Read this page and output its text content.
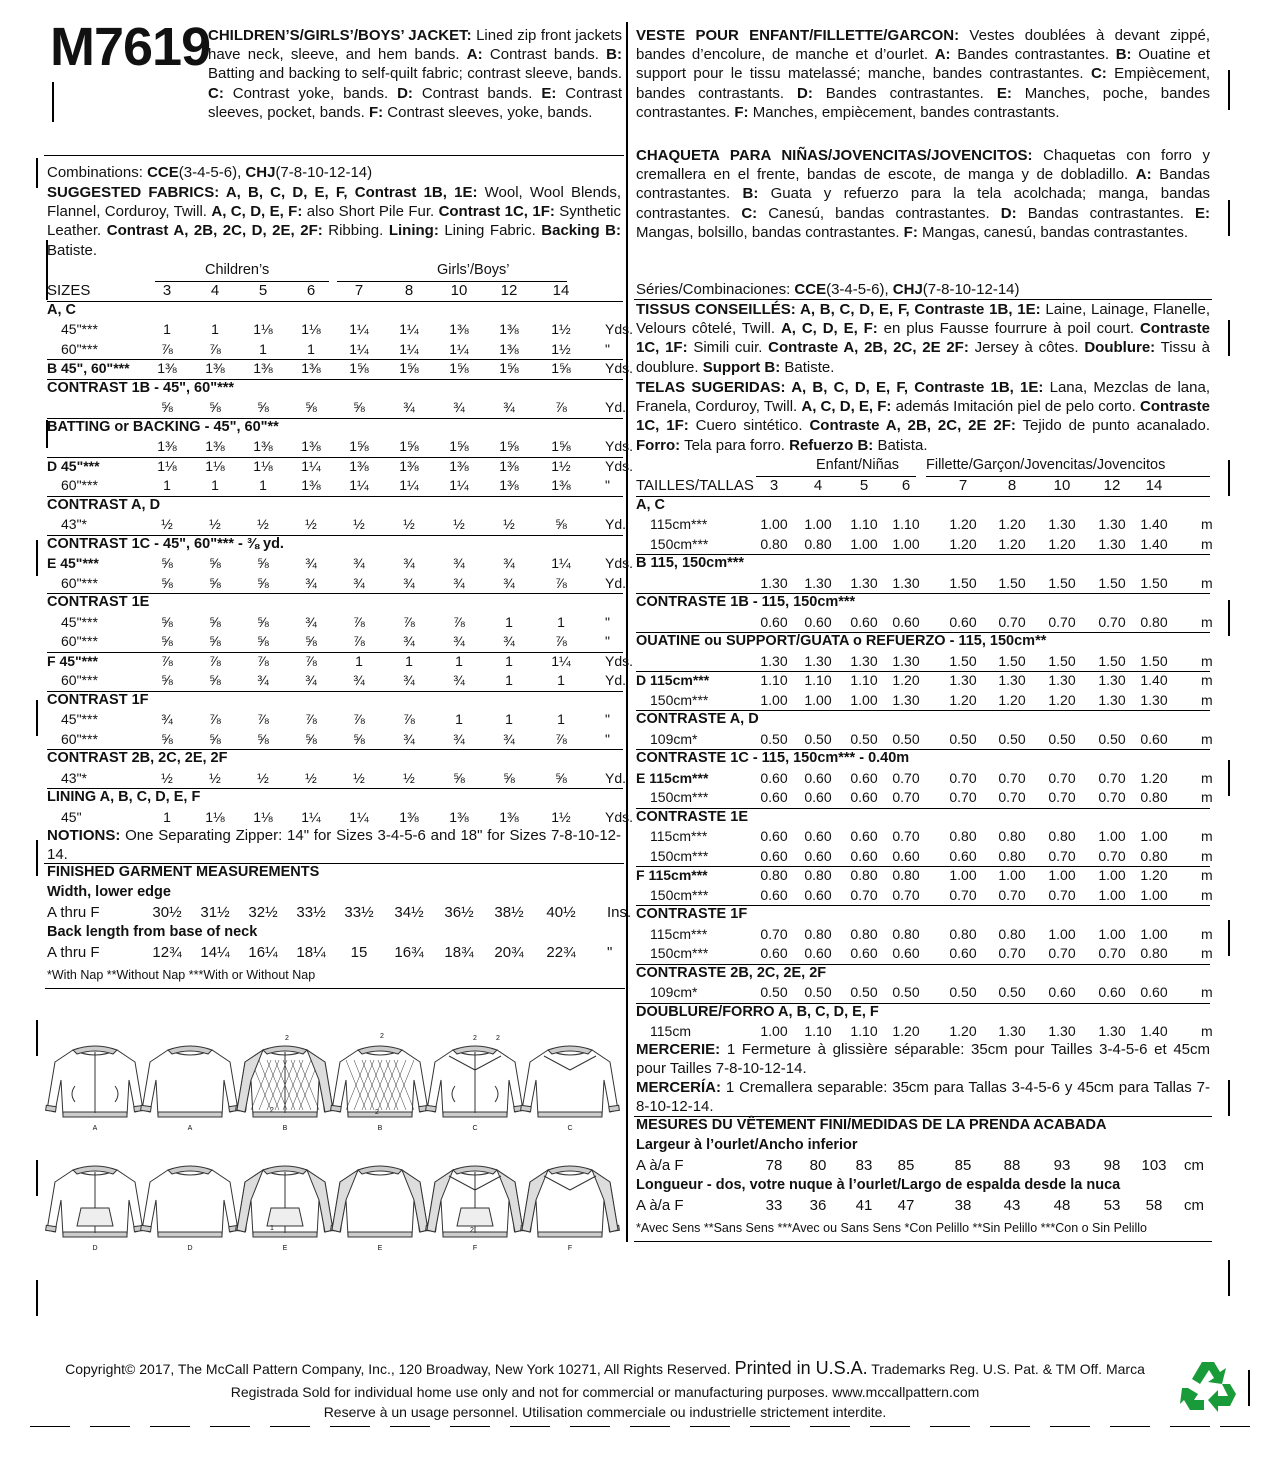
M7619
CHILDREN’S/GIRLS’/BOYS’ JACKET: Lined zip front jackets have neck, sleeve, and hem bands. A: Contrast bands. B: Batting and backing to self-quilt fabric; contrast sleeve, bands. C: Contrast yoke, bands. D: Contrast bands. E: Contrast sleeves, pocket, bands. F: Contrast sleeves, yoke, bands.
Combinations: CCE(3-4-5-6), CHJ(7-8-10-12-14)
SUGGESTED FABRICS: A, B, C, D, E, F, Contrast 1B, 1E: Wool, Wool Blends, Flannel, Corduroy, Twill. A, C, D, E, F: also Short Pile Fur. Contrast 1C, 1F: Synthetic Leather. Contrast A, 2B, 2C, D, 2E, 2F: Ribbing. Lining: Lining Fabric. Backing B: Batiste.
Children’s	Girls’/Boys’
SIZES	3	4	5	6	7	8	10	12	14
A, C
45"***	1	1	1⅛	1⅛	1¼	1¼	1⅜	1⅜	1½	Yds.
60"***	⅞	⅞	1	1	1¼	1¼	1¼	1⅜	1½	"
B 45", 60"***	1⅜	1⅜	1⅜	1⅜	1⅝	1⅝	1⅝	1⅝	1⅝	Yds.
CONTRAST 1B - 45", 60"***
⅝	⅝	⅝	⅝	⅝	¾	¾	¾	⅞	Yd.
BATTING or BACKING - 45", 60"**
1⅜	1⅜	1⅜	1⅜	1⅝	1⅝	1⅝	1⅝	1⅝	Yds.
D 45"***	1⅛	1⅛	1⅛	1¼	1⅜	1⅜	1⅜	1⅜	1½	Yds.
60"***	1	1	1	1⅜	1¼	1¼	1¼	1⅜	1⅜	"
CONTRAST A, D
43"*	½	½	½	½	½	½	½	½	⅝	Yd.
CONTRAST 1C - 45", 60"*** - ⅜ yd.
E 45"***	⅝	⅝	⅝	¾	¾	¾	¾	¾	1¼	Yds.
60"***	⅝	⅝	⅝	¾	¾	¾	¾	¾	⅞	Yd.
CONTRAST 1E
45"***	⅝	⅝	⅝	¾	⅞	⅞	⅞	1	1	"
60"***	⅝	⅝	⅝	⅝	⅞	¾	¾	¾	⅞	"
F 45"***	⅞	⅞	⅞	⅞	1	1	1	1	1¼	Yds.
60"***	⅝	⅝	¾	¾	¾	¾	¾	1	1	Yd.
CONTRAST 1F
45"***	¾	⅞	⅞	⅞	⅞	⅞	1	1	1	"
60"***	⅝	⅝	⅝	⅝	⅝	¾	¾	¾	⅞	"
CONTRAST 2B, 2C, 2E, 2F
43"*	½	½	½	½	½	½	⅝	⅝	⅝	Yd.
LINING A, B, C, D, E, F
45"	1	1⅛	1⅛	1¼	1¼	1⅜	1⅜	1⅜	1½	Yds.
NOTIONS: One Separating Zipper: 14" for Sizes 3-4-5-6 and 18" for Sizes 7-8-10-12-14.
FINISHED GARMENT MEASUREMENTS
Width, lower edge
A thru F	30½	31½	32½	33½	33½	34½	36½	38½	40½	Ins.
Back length from base of neck
A thru F	12¾	14¼	16¼	18¼	15	16¾	18¾	20¾	22¾	"
*With Nap **Without Nap ***With or Without Nap
VESTE POUR ENFANT/FILLETTE/GARCON: Vestes doublées à devant zippé, bandes d’encolure, de manche et d’ourlet. A: Bandes contrastantes. B: Ouatine et support pour le tissu matelassé; manche, bandes contrastantes. C: Empiècement, bandes contrastants. D: Bandes contrastantes. E: Manches, poche, bandes contrastantes. F: Manches, empiècement, bandes contrastants.
CHAQUETA PARA NIÑAS/JOVENCITAS/JOVENCITOS: Chaquetas con forro y cremallera en el frente, bandas de escote, de manga y de dobladillo. A: Bandas contrastantes. B: Guata y refuerzo para la tela acolchada; manga, bandas contrastantes. C: Canesú, bandas contrastantes. D: Bandas contrastantes. E: Mangas, bolsillo, bandas contrastantes. F: Mangas, canesú, bandas contrastantes.
Séries/Combinaciones: CCE(3-4-5-6), CHJ(7-8-10-12-14)
TISSUS CONSEILLÉS: A, B, C, D, E, F, Contraste 1B, 1E: Laine, Lainage, Flanelle, Velours côtelé, Twill. A, C, D, E, F: en plus Fausse fourrure à poil court. Contraste 1C, 1F: Simili cuir. Contraste A, 2B, 2C, 2E 2F: Jersey à côtes. Doublure: Tissu à doublure. Support B: Batiste.
TELAS SUGERIDAS: A, B, C, D, E, F, Contraste 1B, 1E: Lana, Mezclas de lana, Franela, Corduroy, Twill. A, C, D, E, F: además Imitación piel de pelo corto. Contraste 1C, 1F: Cuero sintético. Contraste A, 2B, 2C, 2E 2F: Tejido de punto acanalado. Forro: Tela para forro. Refuerzo B: Batista.
Enfant/Niñas Fillette/Garçon/Jovencitas/Jovencitos
TAILLES/TALLAS	3	4	5	6	7	8	10	12	14
A, C
115cm***	1.00	1.00	1.10	1.10	1.20	1.20	1.30	1.30	1.40	m
150cm***	0.80	0.80	1.00	1.00	1.20	1.20	1.20	1.30	1.40	m
B 115, 150cm***
1.30	1.30	1.30	1.30	1.50	1.50	1.50	1.50	1.50	m
CONTRASTE 1B - 115, 150cm***
0.60	0.60	0.60	0.60	0.60	0.70	0.70	0.70	0.80	m
OUATINE ou SUPPORT/GUATA o REFUERZO - 115, 150cm**
1.30	1.30	1.30	1.30	1.50	1.50	1.50	1.50	1.50	m
D 115cm***	1.10	1.10	1.10	1.20	1.30	1.30	1.30	1.30	1.40	m
150cm***	1.00	1.00	1.00	1.30	1.20	1.20	1.20	1.30	1.30	m
CONTRASTE A, D
109cm*	0.50	0.50	0.50	0.50	0.50	0.50	0.50	0.50	0.60	m
CONTRASTE 1C - 115, 150cm*** - 0.40m
E 115cm***	0.60	0.60	0.60	0.70	0.70	0.70	0.70	0.70	1.20	m
150cm***	0.60	0.60	0.60	0.70	0.70	0.70	0.70	0.70	0.80	m
CONTRASTE 1E
115cm***	0.60	0.60	0.60	0.70	0.80	0.80	0.80	1.00	1.00	m
150cm***	0.60	0.60	0.60	0.60	0.60	0.80	0.70	0.70	0.80	m
F 115cm***	0.80	0.80	0.80	0.80	1.00	1.00	1.00	1.00	1.20	m
150cm***	0.60	0.60	0.70	0.70	0.70	0.70	0.70	1.00	1.00	m
CONTRASTE 1F
115cm***	0.70	0.80	0.80	0.80	0.80	0.80	1.00	1.00	1.00	m
150cm***	0.60	0.60	0.60	0.60	0.60	0.70	0.70	0.70	0.80	m
CONTRASTE 2B, 2C, 2E, 2F
109cm*	0.50	0.50	0.50	0.50	0.50	0.50	0.60	0.60	0.60	m
DOUBLURE/FORRO A, B, C, D, E, F
115cm	1.00	1.10	1.10	1.20	1.20	1.30	1.30	1.30	1.40	m
MERCERIE: 1 Fermeture à glissière séparable: 35cm pour Tailles 3-4-5-6 et 45cm pour Tailles 7-8-10-12-14.
MERCERÍA: 1 Cremallera separable: 35cm para Tallas 3-4-5-6 y 45cm para Tallas 7-8-10-12-14.
MESURES DU VÊTEMENT FINI/MEDIDAS DE LA PRENDA ACABADA
Largeur à l’ourlet/Ancho inferior
A à/a F	78	80	83	85	85	88	93	98	103	cm
Longueur - dos, votre nuque à l’ourlet/Largo de espalda desde la nuca
A à/a F	33	36	41	47	38	43	48	53	58	cm
*Avec Sens **Sans Sens ***Avec ou Sans Sens *Con Pelillo **Sin Pelillo ***Con o Sin Pelillo
A	A	B	B	C	C
D	D	E	E	F	F
2	2	2	2
2	2
1	2
Copyright© 2017, The McCall Pattern Company, Inc., 120 Broadway, New York 10271, All Rights Reserved. Printed in U.S.A. Trademarks Reg. U.S. Pat. & TM Off. Marca
Registrada Sold for individual home use only and not for commercial or manufacturing purposes. www.mccallpattern.com
Reserve à un usage personnel. Utilisation commerciale ou industrielle strictement interdite.
